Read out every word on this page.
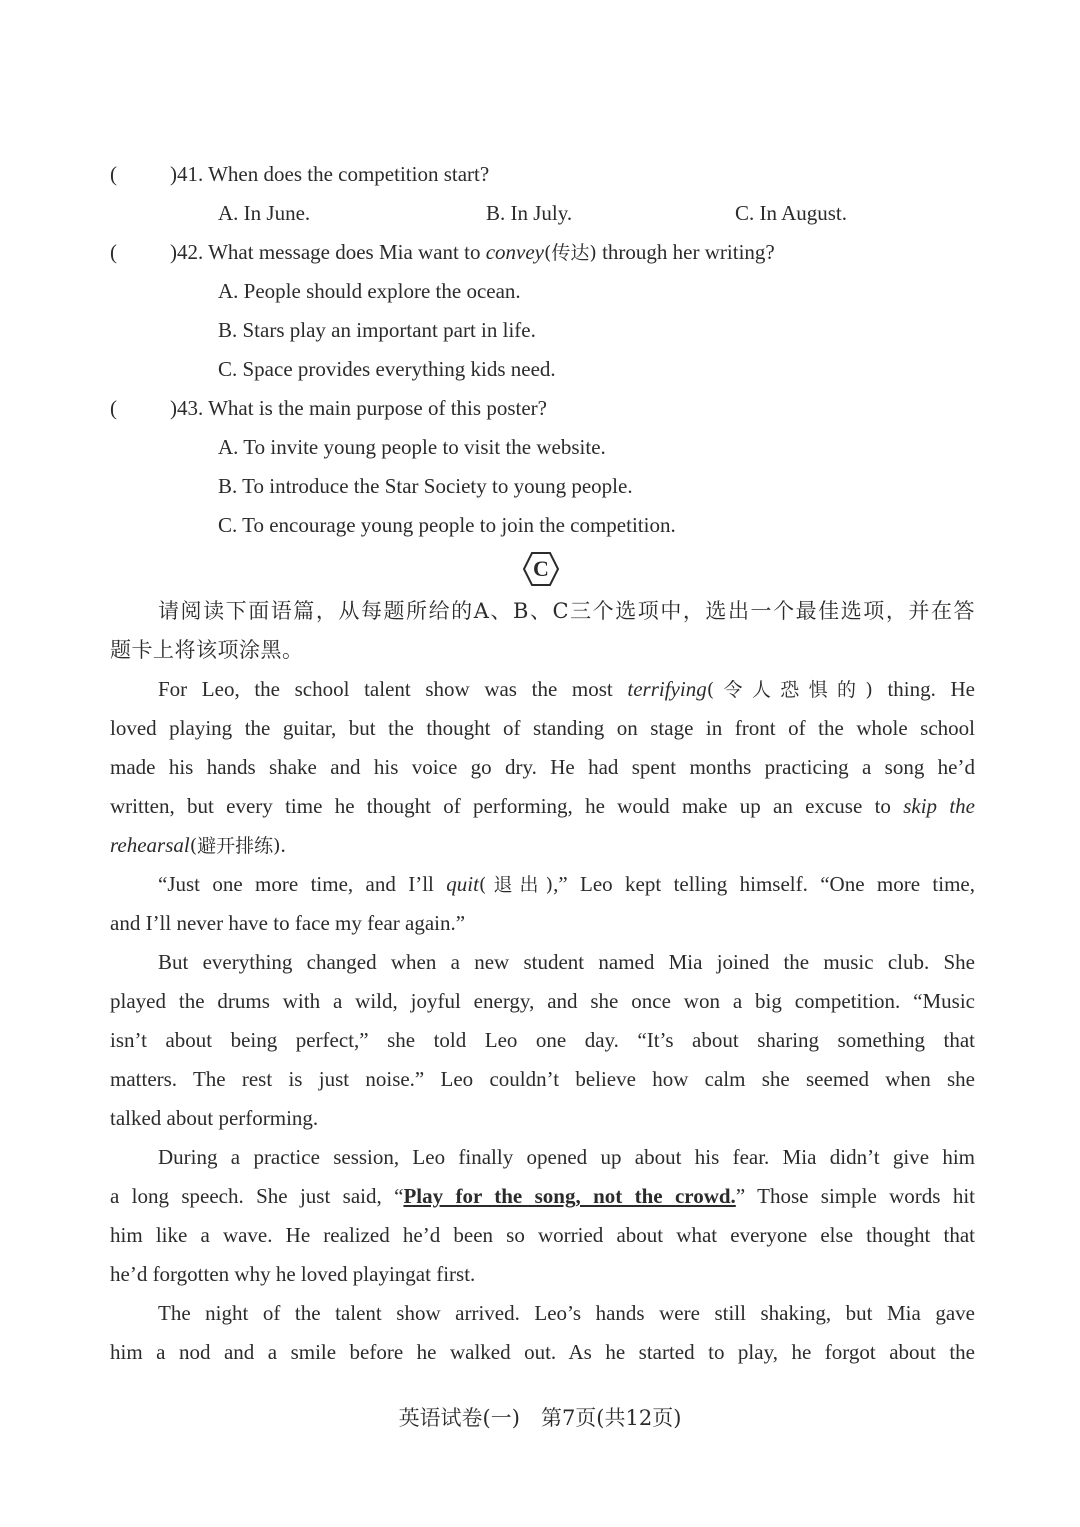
(	)41. When does the competition start?
A. In June.	B. In July.	C. In August.
(	)42. What message does Mia want to convey(传达) through her writing?
A. People should explore the ocean.
B. Stars play an important part in life.
C. Space provides everything kids need.
(	)43. What is the main purpose of this poster?
A. To invite young people to visit the website.
B. To introduce the Star Society to young people.
C. To encourage young people to join the competition.
C
请阅读下面语篇，从每题所给的A、B、C三个选项中，选出一个最佳选项，并在答
题卡上将该项涂黑。
For Leo, the school talent show was the most terrifying(令人恐惧的) thing. He
loved playing the guitar, but the thought of standing on stage in front of the whole school
made his hands shake and his voice go dry. He had spent months practicing a song he’d
written, but every time he thought of performing, he would make up an excuse to skip the
rehearsal(避开排练).
“Just one more time, and I’ll quit(退出),” Leo kept telling himself. “One more time,
and I’ll never have to face my fear again.”
But everything changed when a new student named Mia joined the music club. She
played the drums with a wild, joyful energy, and she once won a big competition. “Music
isn’t about being perfect,” she told Leo one day. “It’s about sharing something that
matters. The rest is just noise.” Leo couldn’t believe how calm she seemed when she
talked about performing.
During a practice session, Leo finally opened up about his fear. Mia didn’t give him
a long speech. She just said, “Play for the song, not the crowd.” Those simple words hit
him like a wave. He realized he’d been so worried about what everyone else thought that
he’d forgotten why he loved playingat first.
The night of the talent show arrived. Leo’s hands were still shaking, but Mia gave
him a nod and a smile before he walked out. As he started to play, he forgot about the
英语试卷(一)　第7页(共12页)
